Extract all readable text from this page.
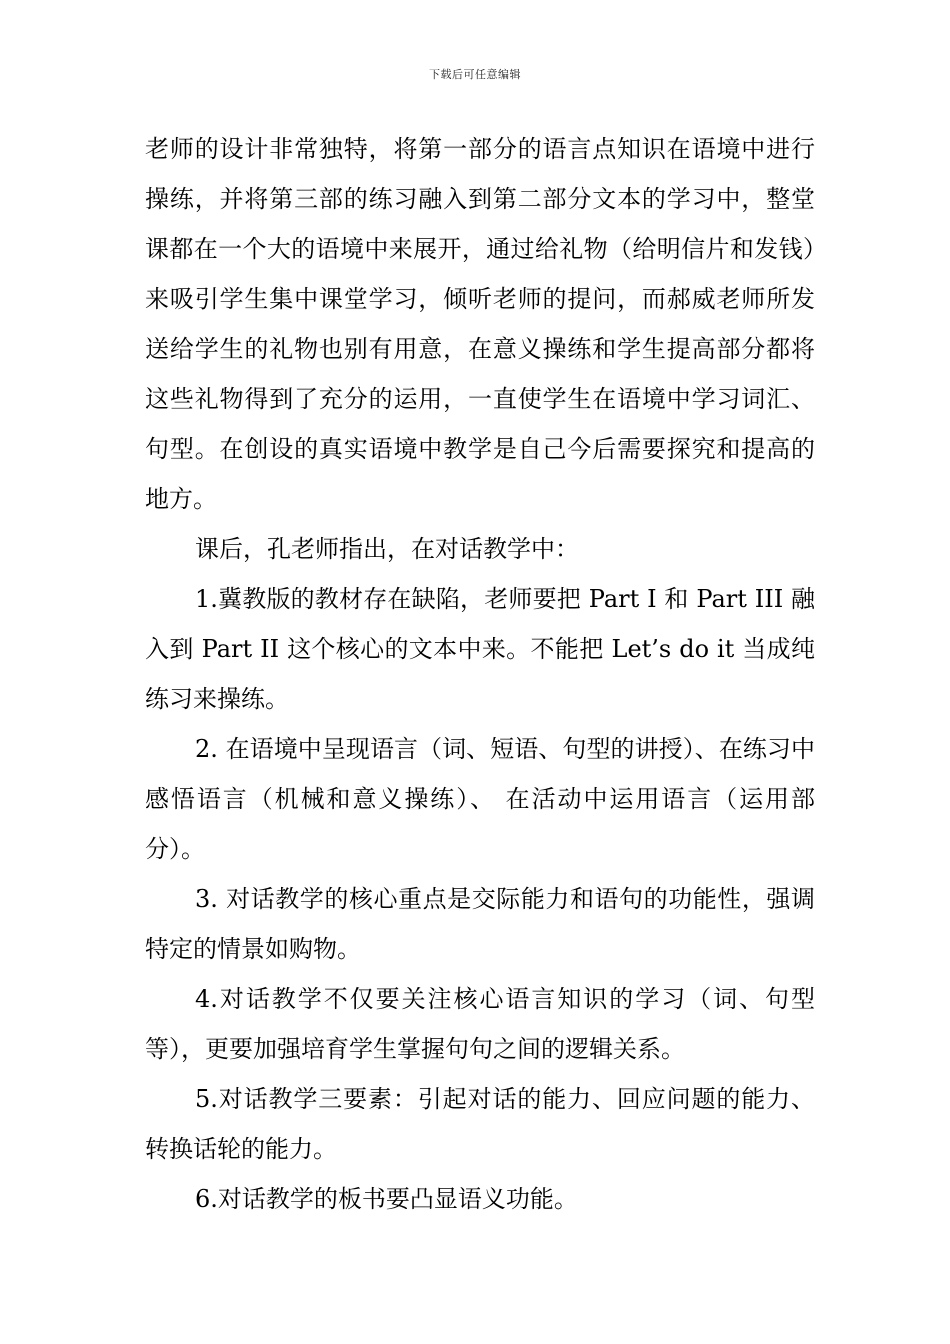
下载后可任意编辑

老师的设计非常独特，将第一部分的语言点知识在语境中进行操练，并将第三部的练习融入到第二部分文本的学习中，整堂课都在一个大的语境中来展开，通过给礼物（给明信片和发钱）来吸引学生集中课堂学习，倾听老师的提问，而郝威老师所发送给学生的礼物也别有用意，在意义操练和学生提高部分都将这些礼物得到了充分的运用，一直使学生在语境中学习词汇、句型。在创设的真实语境中教学是自己今后需要探究和提高的地方。

课后，孔老师指出，在对话教学中：

1.冀教版的教材存在缺陷，老师要把 Part I 和 Part III 融入到 Part II 这个核心的文本中来。不能把 Let’s do it 当成纯练习来操练。

2. 在语境中呈现语言（词、短语、句型的讲授）、在练习中感悟语言（机械和意义操练）、 在活动中运用语言（运用部分）。

3. 对话教学的核心重点是交际能力和语句的功能性，强调特定的情景如购物。

4.对话教学不仅要关注核心语言知识的学习（词、句型等），更要加强培育学生掌握句句之间的逻辑关系。

5.对话教学三要素：引起对话的能力、回应问题的能力、转换话轮的能力。

6.对话教学的板书要凸显语义功能。
